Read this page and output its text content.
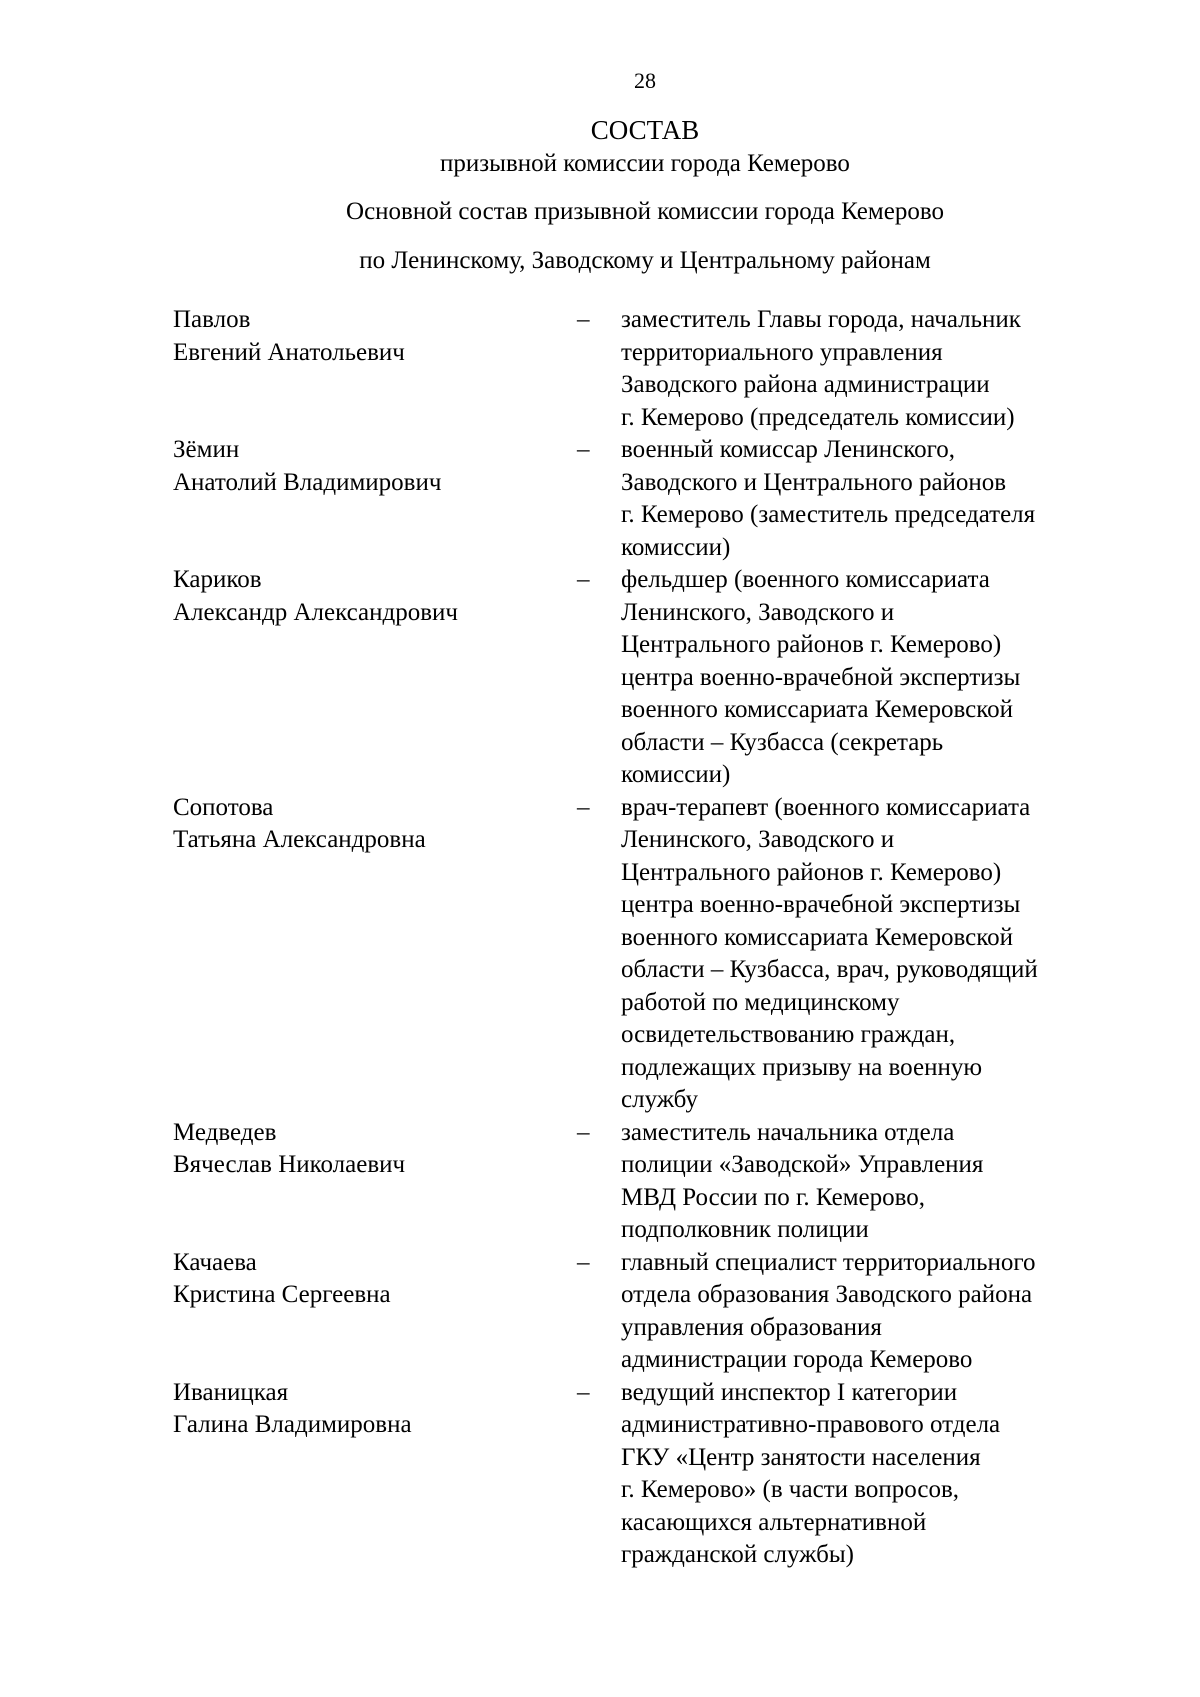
28
СОСТАВ
призывной комиссии города Кемерово
Основной состав призывной комиссии города Кемерово
по Ленинскому, Заводскому и Центральному районам
Павлов
Евгений Анатольевич
– заместитель Главы города, начальник
территориального управления
Заводского района администрации
г. Кемерово (председатель комиссии)
Зёмин
Анатолий Владимирович
– военный комиссар Ленинского,
Заводского и Центрального районов
г. Кемерово (заместитель председателя
комиссии)
Кариков
Александр Александрович
– фельдшер (военного комиссариата
Ленинского, Заводского и
Центрального районов г. Кемерово)
центра военно-врачебной экспертизы
военного комиссариата Кемеровской
области – Кузбасса (секретарь
комиссии)
Сопотова
Татьяна Александровна
– врач-терапевт (военного комиссариата
Ленинского, Заводского и
Центрального районов г. Кемерово)
центра военно-врачебной экспертизы
военного комиссариата Кемеровской
области – Кузбасса, врач, руководящий
работой по медицинскому
освидетельствованию граждан,
подлежащих призыву на военную
службу
Медведев
Вячеслав Николаевич
– заместитель начальника отдела
полиции «Заводской» Управления
МВД России по г. Кемерово,
подполковник полиции
Качаева
Кристина Сергеевна
– главный специалист территориального
отдела образования Заводского района
управления образования
администрации города Кемерово
Иваницкая
Галина Владимировна
– ведущий инспектор I категории
административно-правового отдела
ГКУ «Центр занятости населения
г. Кемерово» (в части вопросов,
касающихся альтернативной
гражданской службы)
